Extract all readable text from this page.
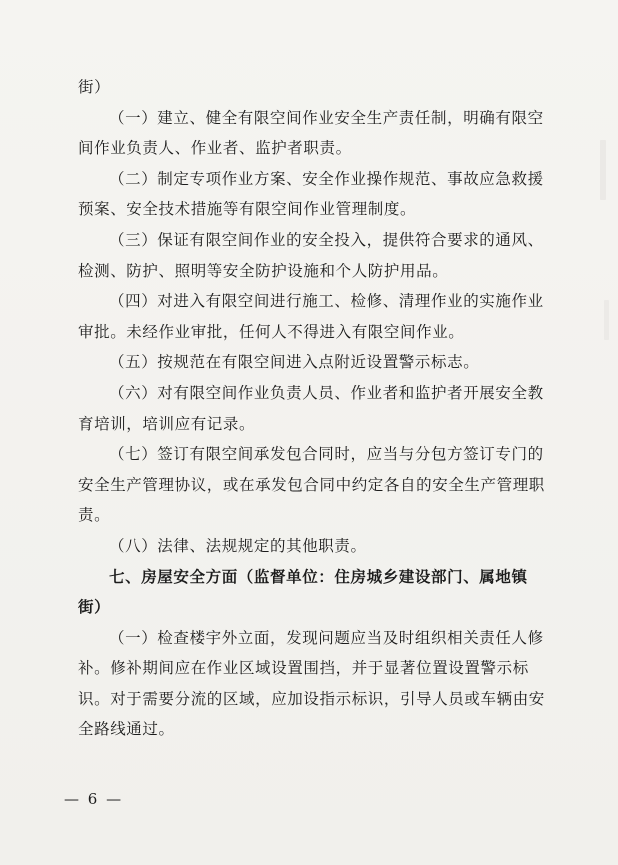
街）

（一）建立、健全有限空间作业安全生产责任制，明确有限空间作业负责人、作业者、监护者职责。

（二）制定专项作业方案、安全作业操作规范、事故应急救援预案、安全技术措施等有限空间作业管理制度。

（三）保证有限空间作业的安全投入，提供符合要求的通风、检测、防护、照明等安全防护设施和个人防护用品。

（四）对进入有限空间进行施工、检修、清理作业的实施作业审批。未经作业审批，任何人不得进入有限空间作业。

（五）按规范在有限空间进入点附近设置警示标志。

（六）对有限空间作业负责人员、作业者和监护者开展安全教育培训，培训应有记录。

（七）签订有限空间承发包合同时，应当与分包方签订专门的安全生产管理协议，或在承发包合同中约定各自的安全生产管理职责。

（八）法律、法规规定的其他职责。

七、房屋安全方面（监督单位：住房城乡建设部门、属地镇街）

（一）检查楼宇外立面，发现问题应当及时组织相关责任人修补。修补期间应在作业区域设置围挡，并于显著位置设置警示标识。对于需要分流的区域，应加设指示标识，引导人员或车辆由安全路线通过。

— 6 —
